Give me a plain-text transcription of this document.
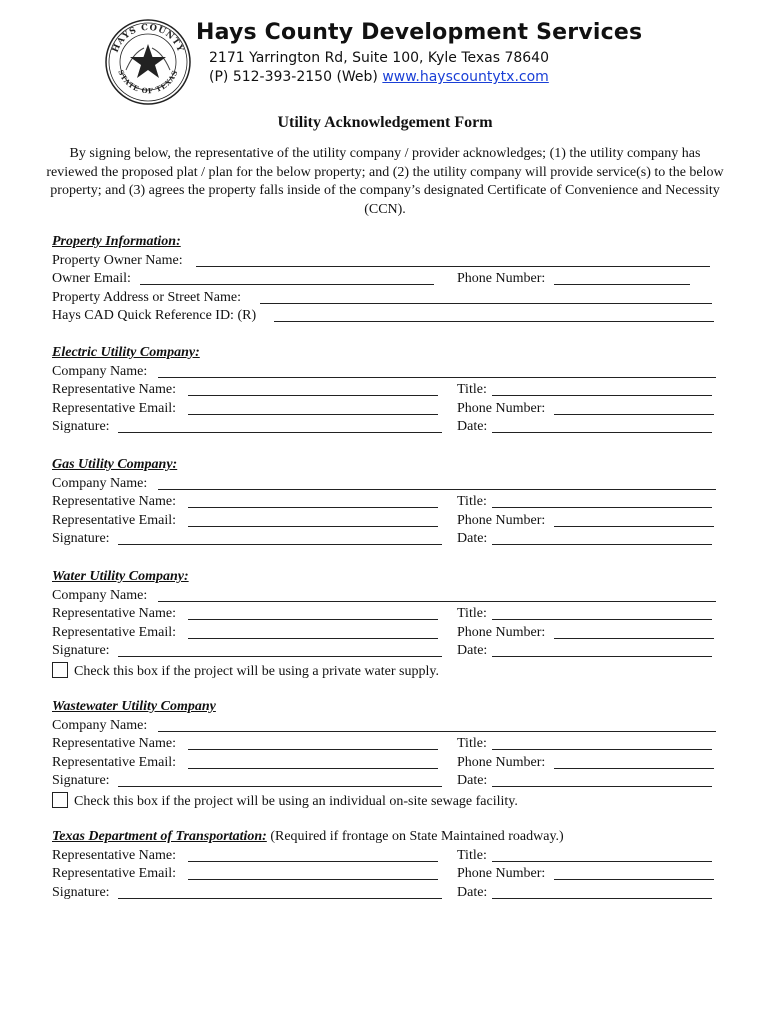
HAYS COUNTY
STATE OF TEXAS
Hays County Development Services
2171 Yarrington Rd, Suite 100, Kyle Texas 78640
(P) 512-393-2150 (Web) www.hayscountytx.com
Utility Acknowledgement Form
By signing below, the representative of the utility company / provider acknowledges; (1) the utility company has reviewed the proposed plat / plan for the below property; and (2) the utility company will provide service(s) to the below property; and (3) agrees the property falls inside of the company’s designated Certificate of Convenience and Necessity (CCN).
Property Information:
Property Owner Name:
Owner Email:	Phone Number:
Property Address or Street Name:
Hays CAD Quick Reference ID: (R)
Electric Utility Company:
Company Name:
Representative Name:	Title:
Representative Email:	Phone Number:
Signature:	Date:
Gas Utility Company:
Company Name:
Representative Name:	Title:
Representative Email:	Phone Number:
Signature:	Date:
Water Utility Company:
Company Name:
Representative Name:	Title:
Representative Email:	Phone Number:
Signature:	Date:
Check this box if the project will be using a private water supply.
Wastewater Utility Company
Company Name:
Representative Name:	Title:
Representative Email:	Phone Number:
Signature:	Date:
Check this box if the project will be using an individual on-site sewage facility.
Texas Department of Transportation: (Required if frontage on State Maintained roadway.)
Representative Name:	Title:
Representative Email:	Phone Number:
Signature:	Date:
